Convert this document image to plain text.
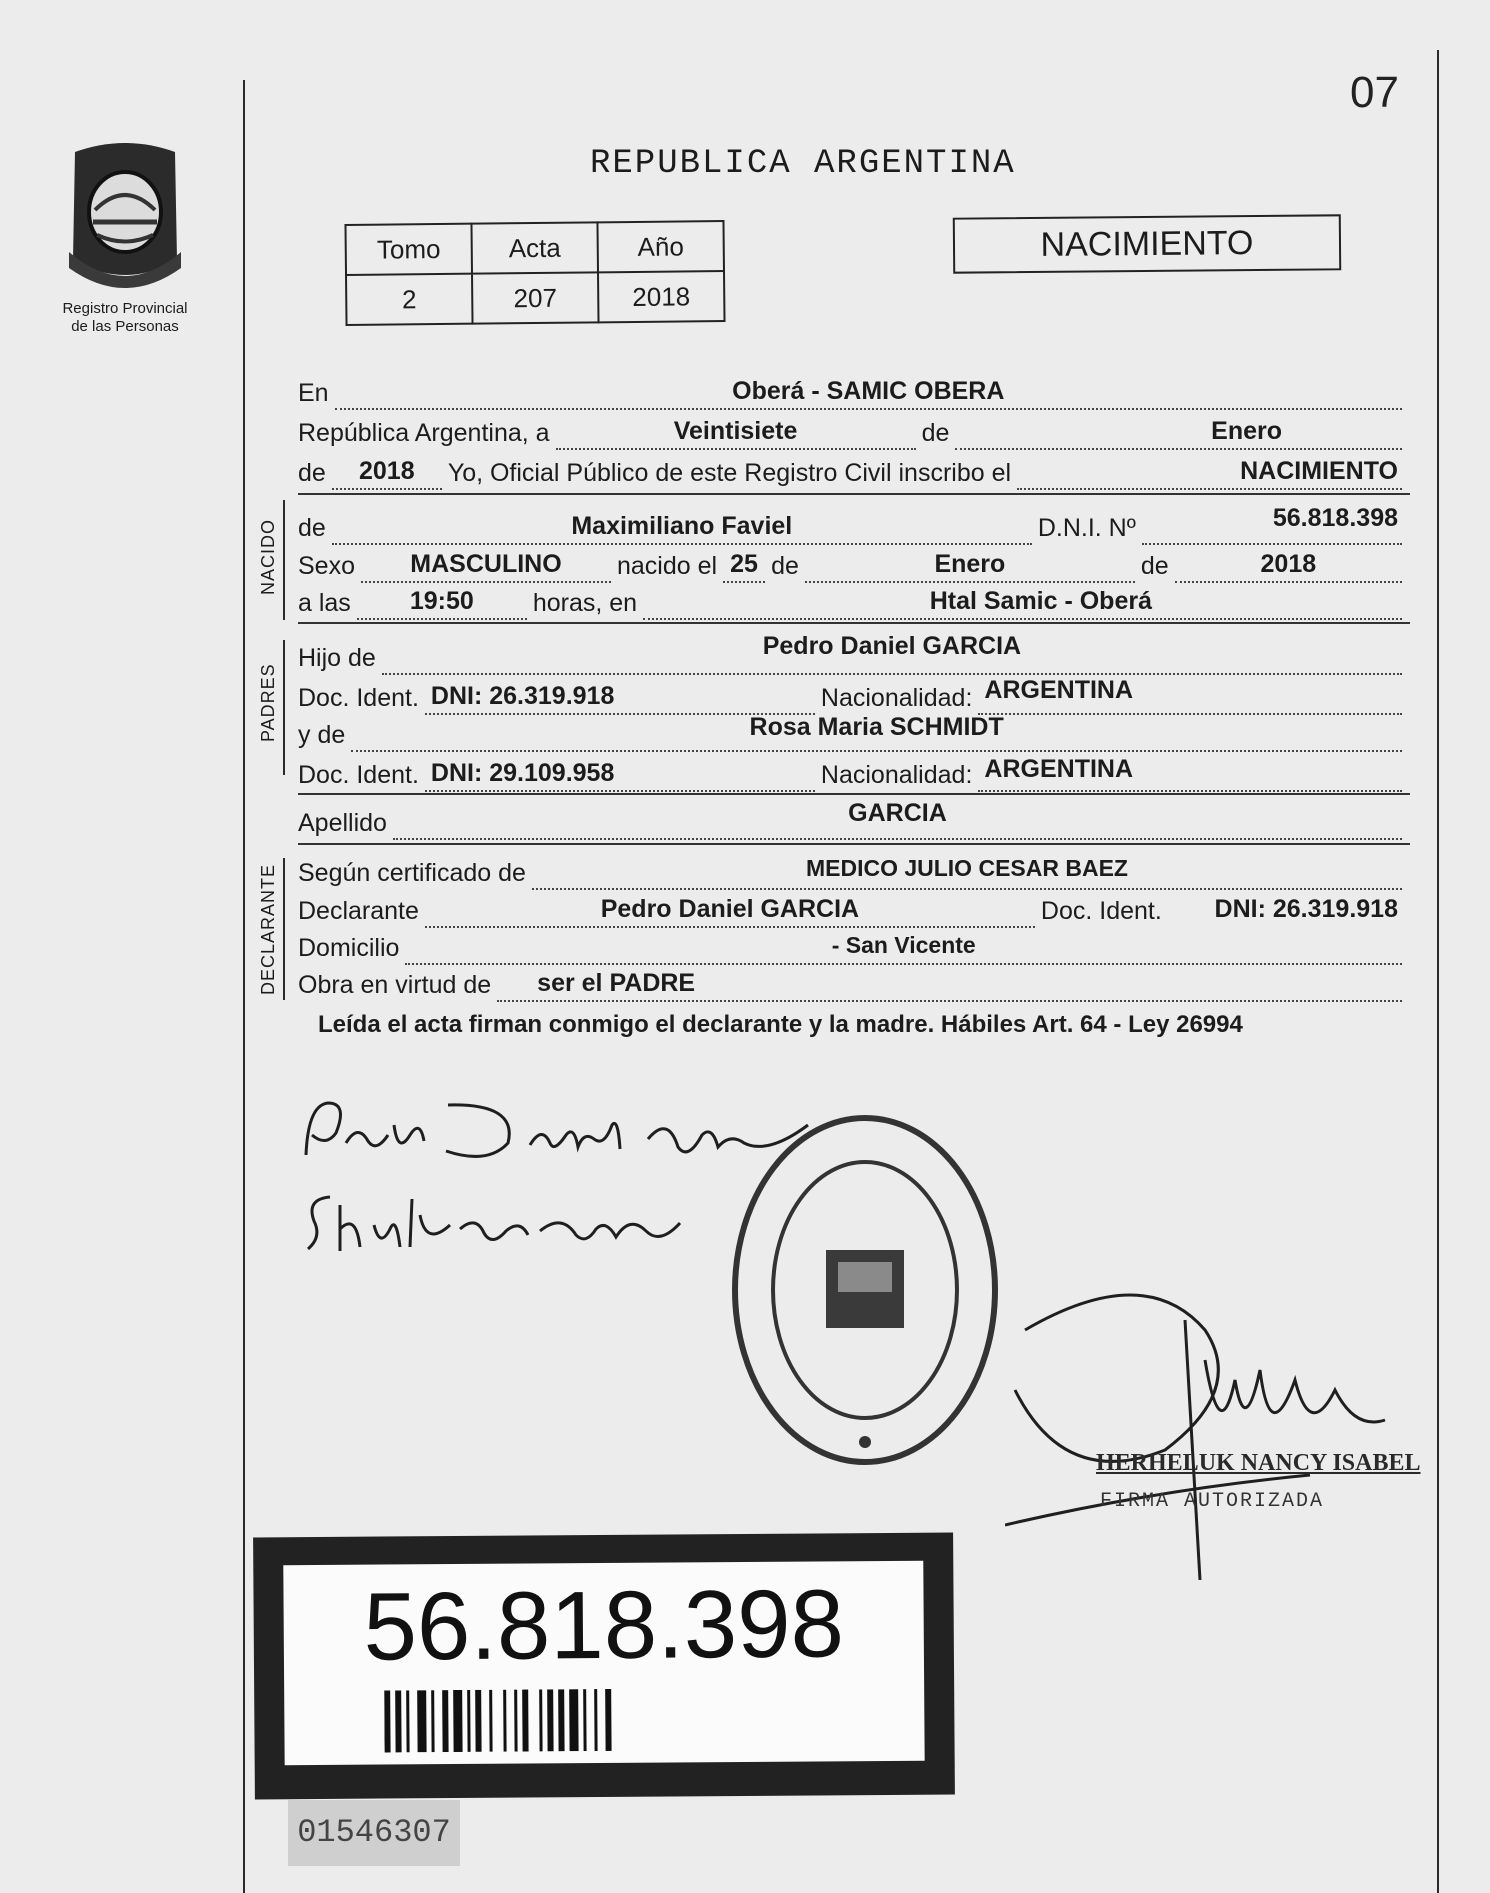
07
Registro Provincial
de las Personas
REPUBLICA ARGENTINA
Tomo	Acta	Año
2	207	2018
NACIMIENTO
En	Oberá - SAMIC OBERA
República Argentina, a	Veintisiete	de	Enero
de	2018	Yo, Oficial Público de este Registro Civil inscribo el	NACIMIENTO
NACIDO de	Maximiliano Faviel	D.N.I. Nº	56.818.398
Sexo	MASCULINO	nacido el 25 de	Enero	de	2018
a las	19:50	horas, en	Htal Samic - Oberá
PADRES
Hijo de	Pedro Daniel GARCIA
Doc. Ident. DNI: 26.319.918	Nacionalidad: ARGENTINA
y de	Rosa Maria SCHMIDT
Doc. Ident. DNI: 29.109.958	Nacionalidad: ARGENTINA
Apellido	GARCIA
DECLARANTE Según certificado de	MEDICO JULIO CESAR BAEZ
Declarante	Pedro Daniel GARCIA	Doc. Ident. DNI: 26.319.918
Domicilio	- San Vicente
Obra en virtud de ser el PADRE
Leída el acta firman conmigo el declarante y la madre. Hábiles Art. 64 - Ley 26994
HERHELUK NANCY ISABEL
FIRMA AUTORIZADA
56.818.398
01546307
